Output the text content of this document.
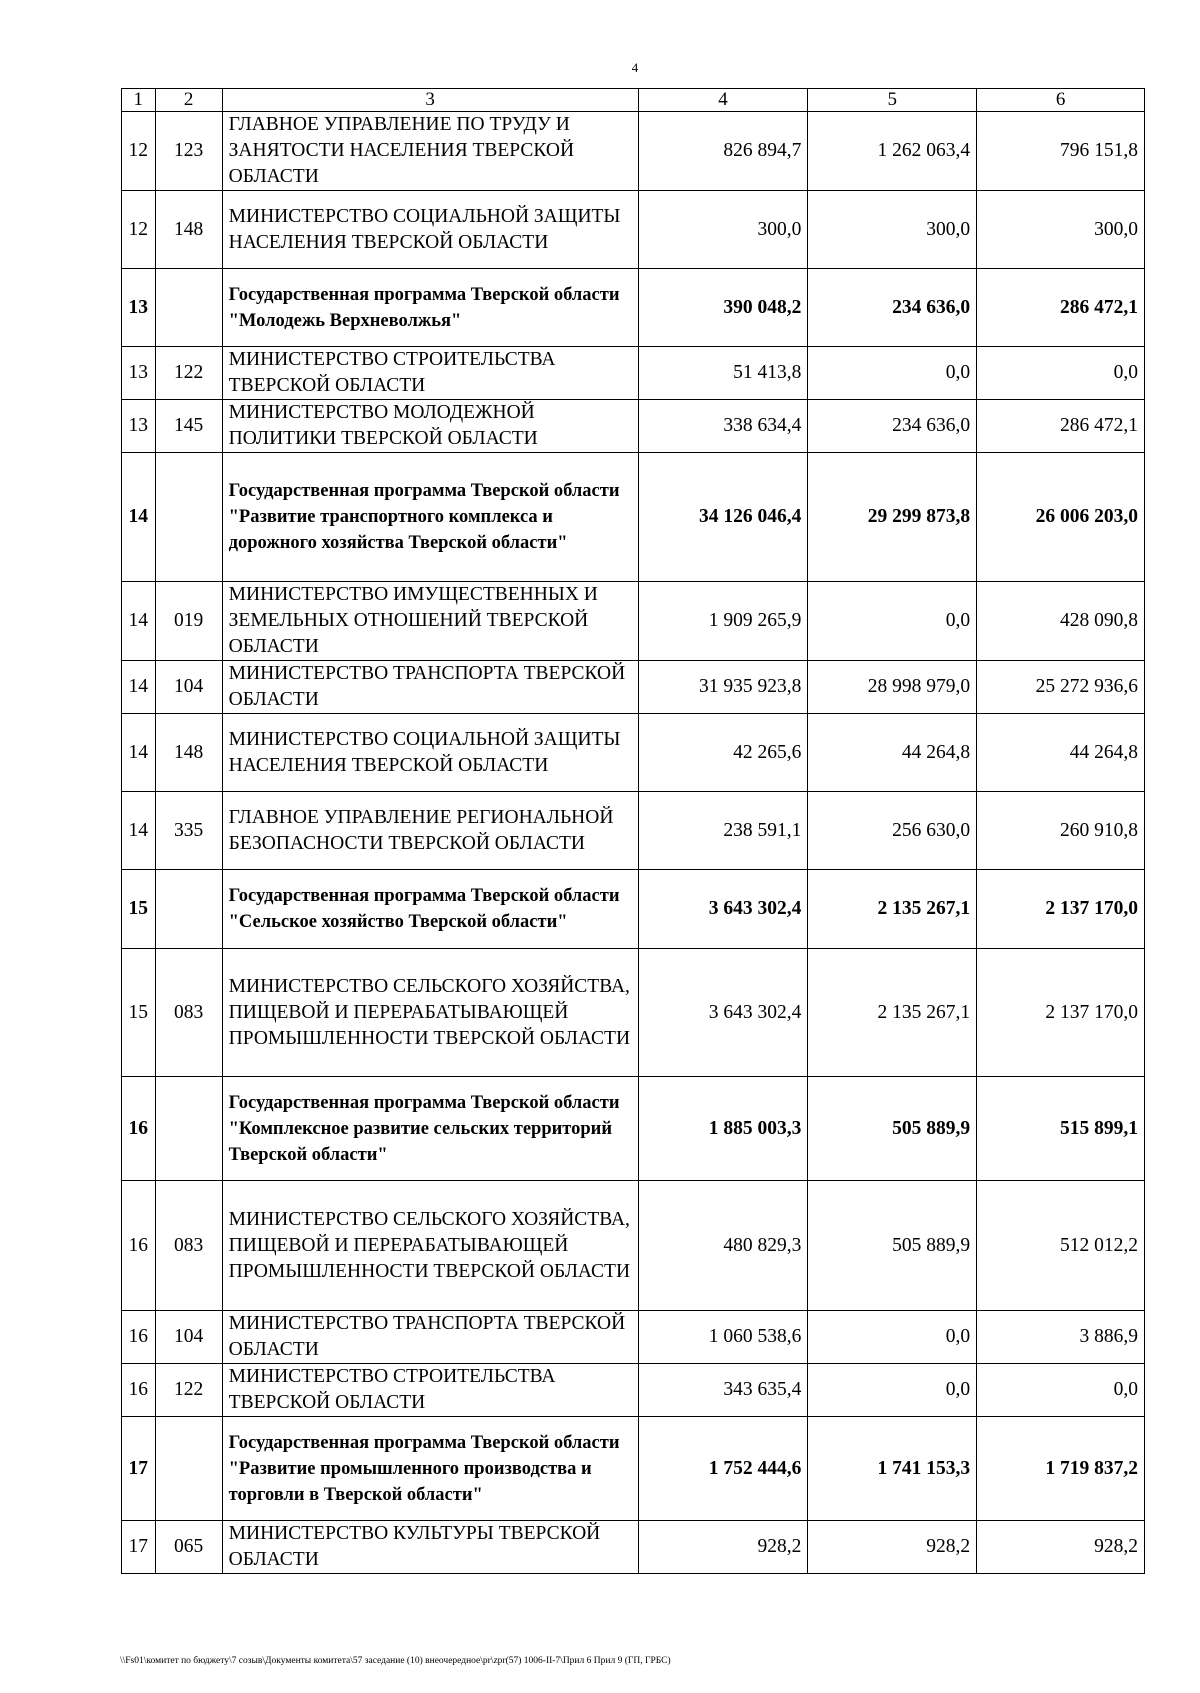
4
1	2	3	4	5	6
12	123	ГЛАВНОЕ УПРАВЛЕНИЕ ПО ТРУДУ И ЗАНЯТОСТИ НАСЕЛЕНИЯ ТВЕРСКОЙ ОБЛАСТИ	826 894,7	1 262 063,4	796 151,8
12	148	МИНИСТЕРСТВО СОЦИАЛЬНОЙ ЗАЩИТЫ НАСЕЛЕНИЯ ТВЕРСКОЙ ОБЛАСТИ	300,0	300,0	300,0
13		Государственная программа Тверской области "Молодежь Верхневолжья"	390 048,2	234 636,0	286 472,1
13	122	МИНИСТЕРСТВО СТРОИТЕЛЬСТВА ТВЕРСКОЙ ОБЛАСТИ	51 413,8	0,0	0,0
13	145	МИНИСТЕРСТВО МОЛОДЕЖНОЙ ПОЛИТИКИ ТВЕРСКОЙ ОБЛАСТИ	338 634,4	234 636,0	286 472,1
14		Государственная программа Тверской области "Развитие транспортного комплекса и дорожного хозяйства Тверской области"	34 126 046,4	29 299 873,8	26 006 203,0
14	019	МИНИСТЕРСТВО ИМУЩЕСТВЕННЫХ И ЗЕМЕЛЬНЫХ ОТНОШЕНИЙ ТВЕРСКОЙ ОБЛАСТИ	1 909 265,9	0,0	428 090,8
14	104	МИНИСТЕРСТВО ТРАНСПОРТА ТВЕРСКОЙ ОБЛАСТИ	31 935 923,8	28 998 979,0	25 272 936,6
14	148	МИНИСТЕРСТВО СОЦИАЛЬНОЙ ЗАЩИТЫ НАСЕЛЕНИЯ ТВЕРСКОЙ ОБЛАСТИ	42 265,6	44 264,8	44 264,8
14	335	ГЛАВНОЕ УПРАВЛЕНИЕ РЕГИОНАЛЬНОЙ БЕЗОПАСНОСТИ ТВЕРСКОЙ ОБЛАСТИ	238 591,1	256 630,0	260 910,8
15		Государственная программа Тверской области "Сельское хозяйство Тверской области"	3 643 302,4	2 135 267,1	2 137 170,0
15	083	МИНИСТЕРСТВО СЕЛЬСКОГО ХОЗЯЙСТВА, ПИЩЕВОЙ И ПЕРЕРАБАТЫВАЮЩЕЙ ПРОМЫШЛЕННОСТИ ТВЕРСКОЙ ОБЛАСТИ	3 643 302,4	2 135 267,1	2 137 170,0
16		Государственная программа Тверской области "Комплексное развитие сельских территорий Тверской области"	1 885 003,3	505 889,9	515 899,1
16	083	МИНИСТЕРСТВО СЕЛЬСКОГО ХОЗЯЙСТВА, ПИЩЕВОЙ И ПЕРЕРАБАТЫВАЮЩЕЙ ПРОМЫШЛЕННОСТИ ТВЕРСКОЙ ОБЛАСТИ	480 829,3	505 889,9	512 012,2
16	104	МИНИСТЕРСТВО ТРАНСПОРТА ТВЕРСКОЙ ОБЛАСТИ	1 060 538,6	0,0	3 886,9
16	122	МИНИСТЕРСТВО СТРОИТЕЛЬСТВА ТВЕРСКОЙ ОБЛАСТИ	343 635,4	0,0	0,0
17		Государственная программа Тверской области "Развитие промышленного производства и торговли в Тверской области"	1 752 444,6	1 741 153,3	1 719 837,2
17	065	МИНИСТЕРСТВО КУЛЬТУРЫ ТВЕРСКОЙ ОБЛАСТИ	928,2	928,2	928,2
\\Fs01\комитет по бюджету\7 созыв\Документы комитета\57 заседание (10) внеочередное\pr\zpr(57) 1006-II-7\Прил 6 Прил 9 (ГП, ГРБС)
